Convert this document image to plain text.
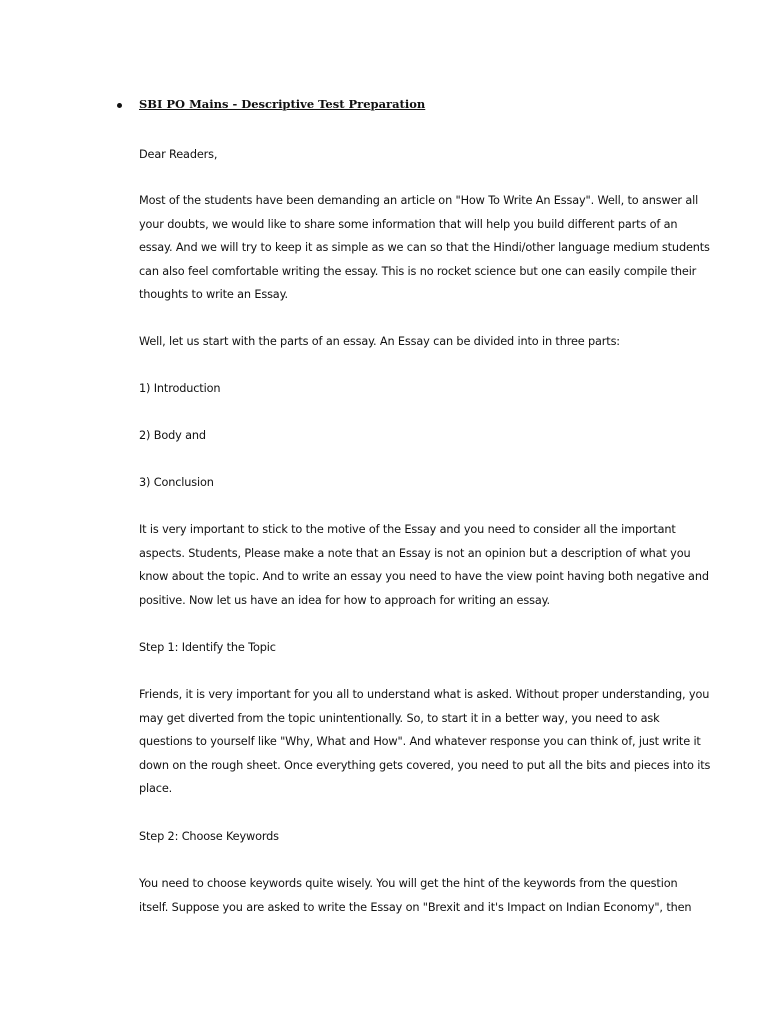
SBI PO Mains - Descriptive Test Preparation
Dear Readers,
Most of the students have been demanding an article on "How To Write An Essay". Well, to answer all
your doubts, we would like to share some information that will help you build different parts of an
essay. And we will try to keep it as simple as we can so that the Hindi/other language medium students
can also feel comfortable writing the essay. This is no rocket science but one can easily compile their
thoughts to write an Essay.
Well, let us start with the parts of an essay. An Essay can be divided into in three parts:
1) Introduction
2) Body and
3) Conclusion
It is very important to stick to the motive of the Essay and you need to consider all the important
aspects. Students, Please make a note that an Essay is not an opinion but a description of what you
know about the topic. And to write an essay you need to have the view point having both negative and
positive. Now let us have an idea for how to approach for writing an essay.
Step 1: Identify the Topic
Friends, it is very important for you all to understand what is asked. Without proper understanding, you
may get diverted from the topic unintentionally. So, to start it in a better way, you need to ask
questions to yourself like "Why, What and How". And whatever response you can think of, just write it
down on the rough sheet. Once everything gets covered, you need to put all the bits and pieces into its
place.
Step 2: Choose Keywords
You need to choose keywords quite wisely. You will get the hint of the keywords from the question
itself. Suppose you are asked to write the Essay on "Brexit and it's Impact on Indian Economy", then
